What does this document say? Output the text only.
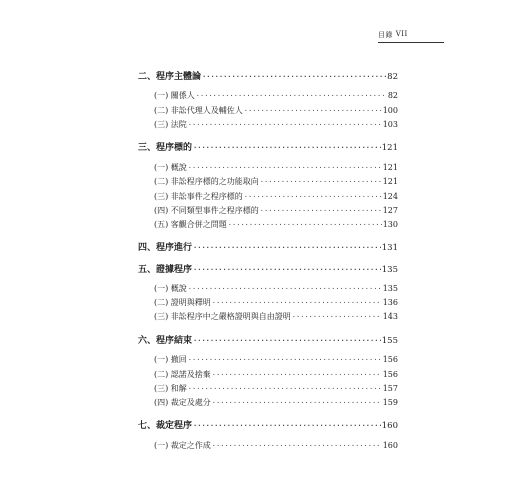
目錄 VII
二、程序主體論 ·····	82
(一) 關係人 ·····	82
(二) 非訟代理人及輔佐人 ·····	100
(三) 法院 ·····	103
三、程序標的 ·····	121
(一) 概說 ·····	121
(二) 非訟程序標的之功能取向 ·····	121
(三) 非訟事件之程序標的 ·····	124
(四) 不同類型事件之程序標的 ·····	127
(五) 客觀合併之問題 ·····	130
四、程序進行 ·····	131
五、證據程序 ·····	135
(一) 概說 ·····	135
(二) 證明與釋明 ·····	136
(三) 非訟程序中之嚴格證明與自由證明 ·····	143
六、程序結束 ·····	155
(一) 撤回 ·····	156
(二) 認諾及捨棄 ·····	156
(三) 和解 ·····	157
(四) 裁定及處分 ·····	159
七、裁定程序 ·····	160
(一) 裁定之作成 ·····	160
